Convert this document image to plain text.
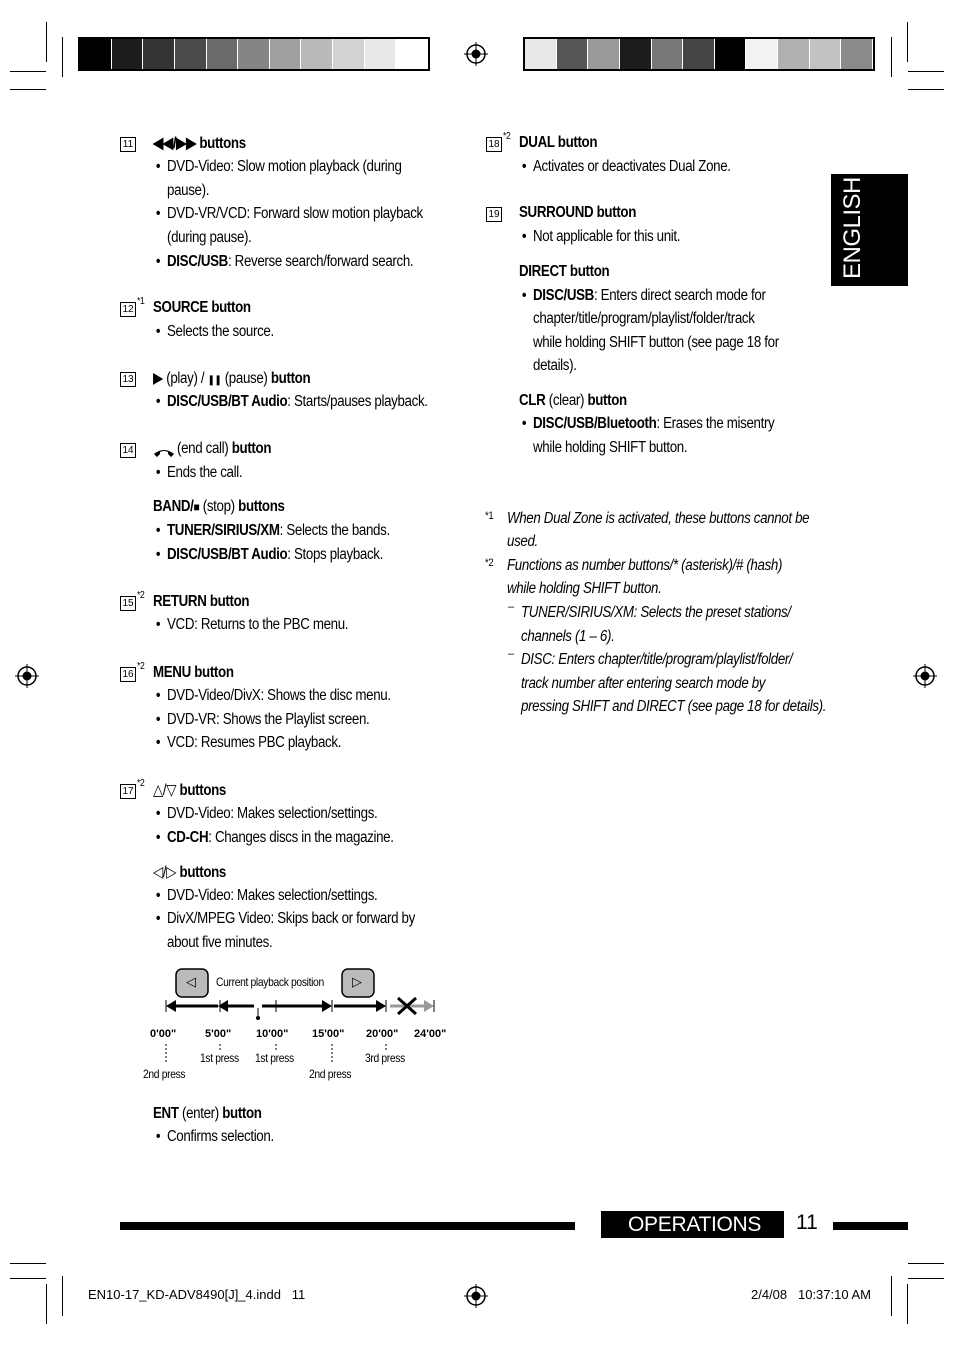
ENGLISH
11 ◀◀/▶▶ buttons
• DVD-Video: Slow motion playback (during
pause).
• DVD-VR/VCD: Forward slow motion playback
(during pause).
• DISC/USB: Reverse search/forward search.
12
*1 SOURCE button
• Selects the source.
13 ▶ (play) / ❚❚ (pause) button
• DISC/USB/BT Audio: Starts/pauses playback.
14	(end call) button
• Ends the call.
BAND/■ (stop) buttons
• TUNER/SIRIUS/XM: Selects the bands.
• DISC/USB/BT Audio: Stops playback.
15
*2 RETURN button
• VCD: Returns to the PBC menu.
16
*2 MENU button
• DVD-Video/DivX: Shows the disc menu.
• DVD-VR: Shows the Playlist screen.
• VCD: Resumes PBC playback.
17
*2 △/▽ buttons
• DVD-Video: Makes selection/settings.
• CD-CH: Changes discs in the magazine.
◁/▷ buttons
• DVD-Video: Makes selection/settings.
• DivX/MPEG Video: Skips back or forward by
about five minutes.
◁	▷
Current playback position
0'00"	5'00" 10'00" 15'00" 20'00" 24'00"
1st press 1st press	3rd press
2nd press	2nd press
ENT (enter) button
• Confirms selection.
18
*2 DUAL button
• Activates or deactivates Dual Zone.
19 SURROUND button
• Not applicable for this unit.
DIRECT button
• DISC/USB: Enters direct search mode for
chapter/title/program/playlist/folder/track
while holding SHIFT button (see page 18 for
details).
CLR (clear) button
• DISC/USB/Bluetooth: Erases the misentry
while holding SHIFT button.
*1 When Dual Zone is activated, these buttons cannot be
used.
*2 Functions as number buttons/* (asterisk)/# (hash)
while holding SHIFT button.
– TUNER/SIRIUS/XM: Selects the preset stations/
channels (1 – 6).
– DISC: Enters chapter/title/program/playlist/folder/
track number after entering search mode by
pressing SHIFT and DIRECT (see page 18 for details).
OPERATIONS 11
EN10-17_KD-ADV8490[J]_4.indd   11	2/4/08   10:37:10 AM
